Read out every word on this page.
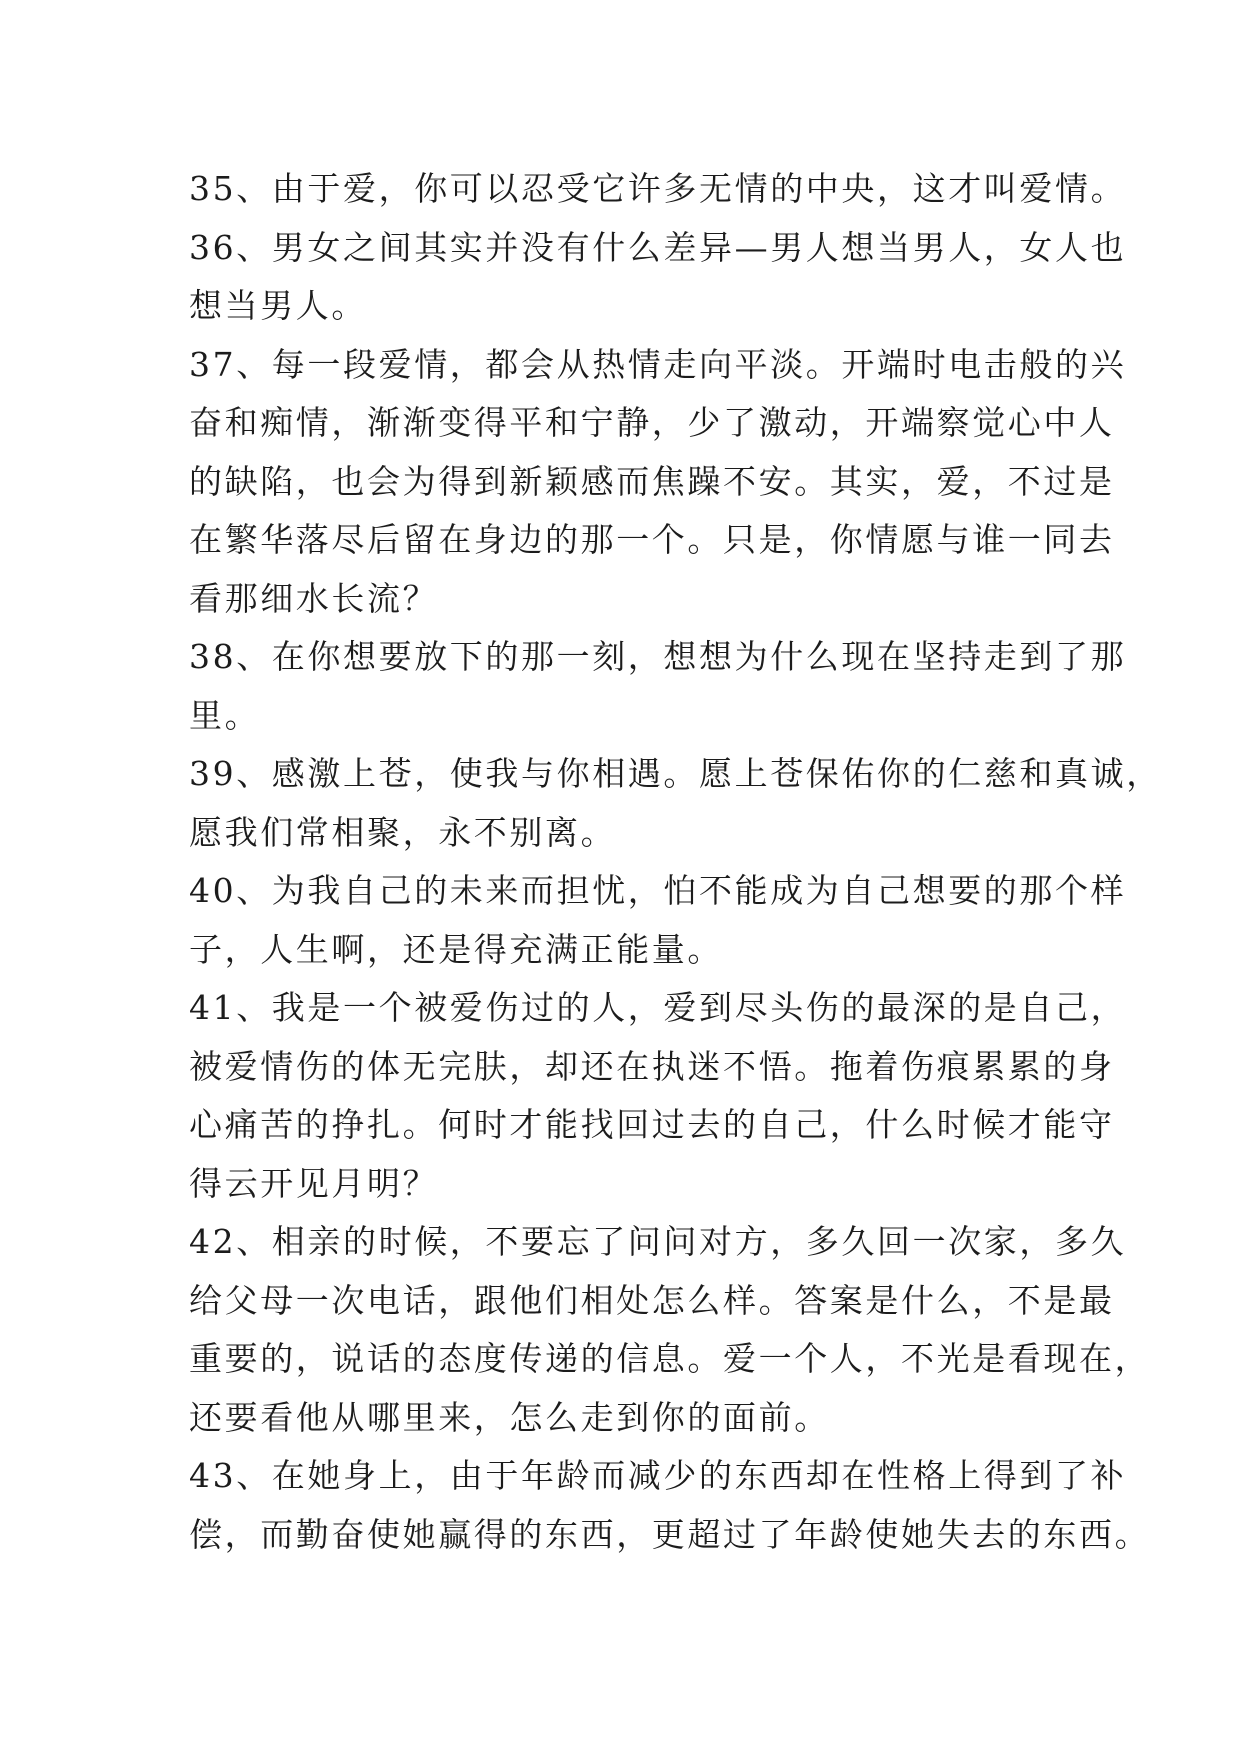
35、由于爱，你可以忍受它许多无情的中央，这才叫爱情。
36、男女之间其实并没有什么差异—男人想当男人，女人也
想当男人。
37、每一段爱情，都会从热情走向平淡。开端时电击般的兴
奋和痴情，渐渐变得平和宁静，少了激动，开端察觉心中人
的缺陷，也会为得到新颖感而焦躁不安。其实，爱，不过是
在繁华落尽后留在身边的那一个。只是，你情愿与谁一同去
看那细水长流？
38、在你想要放下的那一刻，想想为什么现在坚持走到了那
里。
39、感激上苍，使我与你相遇。愿上苍保佑你的仁慈和真诚，
愿我们常相聚，永不别离。
40、为我自己的未来而担忧，怕不能成为自己想要的那个样
子，人生啊，还是得充满正能量。
41、我是一个被爱伤过的人，爱到尽头伤的最深的是自己，
被爱情伤的体无完肤，却还在执迷不悟。拖着伤痕累累的身
心痛苦的挣扎。何时才能找回过去的自己，什么时候才能守
得云开见月明？
42、相亲的时候，不要忘了问问对方，多久回一次家，多久
给父母一次电话，跟他们相处怎么样。答案是什么，不是最
重要的，说话的态度传递的信息。爱一个人，不光是看现在，
还要看他从哪里来，怎么走到你的面前。
43、在她身上，由于年龄而减少的东西却在性格上得到了补
偿，而勤奋使她赢得的东西，更超过了年龄使她失去的东西。
